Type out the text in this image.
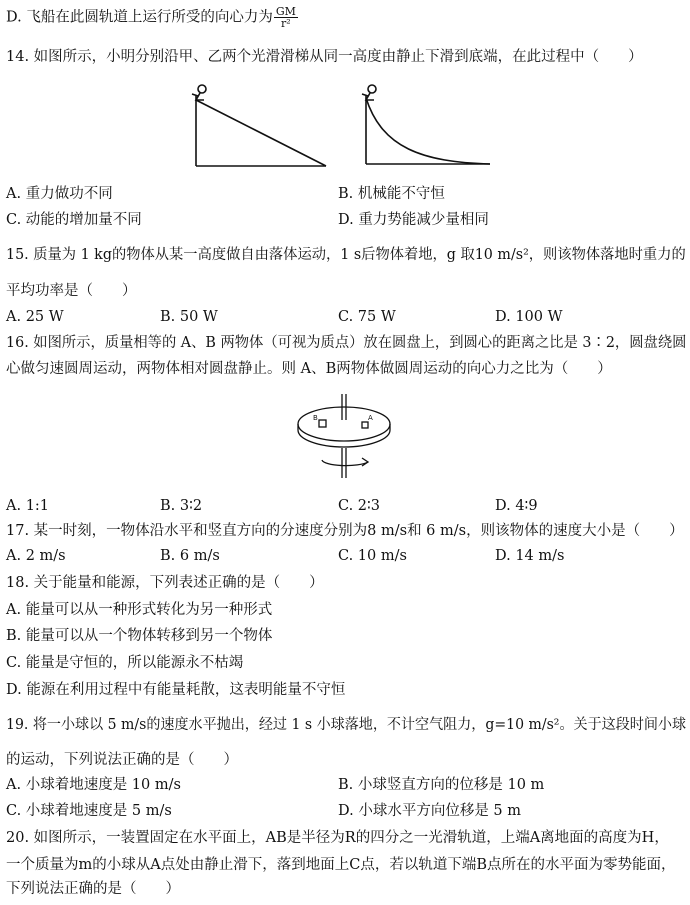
D. 飞船在此圆轨道上运行所受的向心力为 $\frac{GM}{\text{r²}}$
14. 如图所示，小明分别沿甲、乙两个光滑滑梯从同一高度由静止下滑到底端，在此过程中（　　）
A. 重力做功不同	B. 机械能不守恒
C. 动能的增加量不同	D. 重力势能减少量相同
15. 质量为 1 kg的物体从某一高度做自由落体运动，1 s后物体着地，g 取10 m/s²，则该物体落地时重力的
平均功率是（　　）
A. 25 W	B. 50 W	C. 75 W	D. 100 W
16. 如图所示，质量相等的 A、B 两物体（可视为质点）放在圆盘上，到圆心的距离之比是 3∶2，圆盘绕圆
心做匀速圆周运动，两物体相对圆盘静止。则 A、B两物体做圆周运动的向心力之比为（　　）
B	A
A. 1:1	B. 3∶2	C. 2∶3	D. 4∶9
17. 某一时刻，一物体沿水平和竖直方向的分速度分别为8 m/s和 6 m/s，则该物体的速度大小是（　　）
A. 2 m/s	B. 6 m/s	C. 10 m/s	D. 14 m/s
18. 关于能量和能源，下列表述正确的是（　　）
A. 能量可以从一种形式转化为另一种形式
B. 能量可以从一个物体转移到另一个物体
C. 能量是守恒的，所以能源永不枯竭
D. 能源在利用过程中有能量耗散，这表明能量不守恒
19. 将一小球以 5 m/s的速度水平抛出，经过 1 s 小球落地，不计空气阻力，g=10 m/s²。关于这段时间小球
的运动，下列说法正确的是（　　）
A. 小球着地速度是 10 m/s	B. 小球竖直方向的位移是 10 m
C. 小球着地速度是 5 m/s	D. 小球水平方向位移是 5 m
20. 如图所示，一装置固定在水平面上，AB是半径为R的四分之一光滑轨道，上端A离地面的高度为H，
一个质量为m的小球从A点处由静止滑下，落到地面上C点，若以轨道下端B点所在的水平面为零势能面，
下列说法正确的是（　　）
